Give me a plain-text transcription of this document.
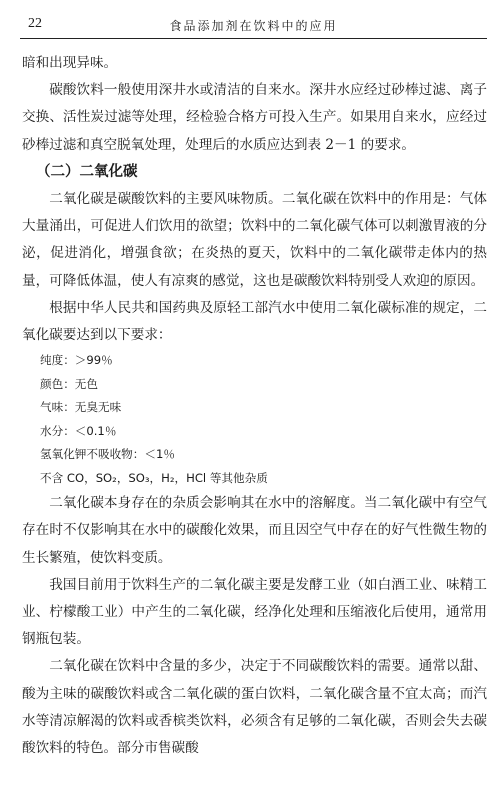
22	食品添加剂在饮料中的应用

暗和出现异味。

碳酸饮料一般使用深井水或清洁的自来水。深井水应经过砂棒过滤、离子交换、活性炭过滤等处理，经检验合格方可投入生产。如果用自来水，应经过砂棒过滤和真空脱氧处理，处理后的水质应达到表 2－1 的要求。

（二）二氧化碳

二氧化碳是碳酸饮料的主要风味物质。二氧化碳在饮料中的作用是：气体大量涌出，可促进人们饮用的欲望；饮料中的二氧化碳气体可以刺激胃液的分泌，促进消化，增强食欲；在炎热的夏天，饮料中的二氧化碳带走体内的热量，可降低体温，使人有凉爽的感觉，这也是碳酸饮料特别受人欢迎的原因。

根据中华人民共和国药典及原轻工部汽水中使用二氧化碳标准的规定，二氧化碳要达到以下要求：

纯度：＞99％
颜色：无色
气味：无臭无味
水分：＜0.1％
氢氧化钾不吸收物：＜1％
不含 CO，SO₂，SO₃，H₂，HCl 等其他杂质

二氧化碳本身存在的杂质会影响其在水中的溶解度。当二氧化碳中有空气存在时不仅影响其在水中的碳酸化效果，而且因空气中存在的好气性微生物的生长繁殖，使饮料变质。

我国目前用于饮料生产的二氧化碳主要是发酵工业（如白酒工业、味精工业、柠檬酸工业）中产生的二氧化碳，经净化处理和压缩液化后使用，通常用钢瓶包装。

二氧化碳在饮料中含量的多少，决定于不同碳酸饮料的需要。通常以甜、酸为主味的碳酸饮料或含二氧化碳的蛋白饮料，二氧化碳含量不宜太高；而汽水等清凉解渴的饮料或香槟类饮料，必须含有足够的二氧化碳，否则会失去碳酸饮料的特色。部分市售碳酸
